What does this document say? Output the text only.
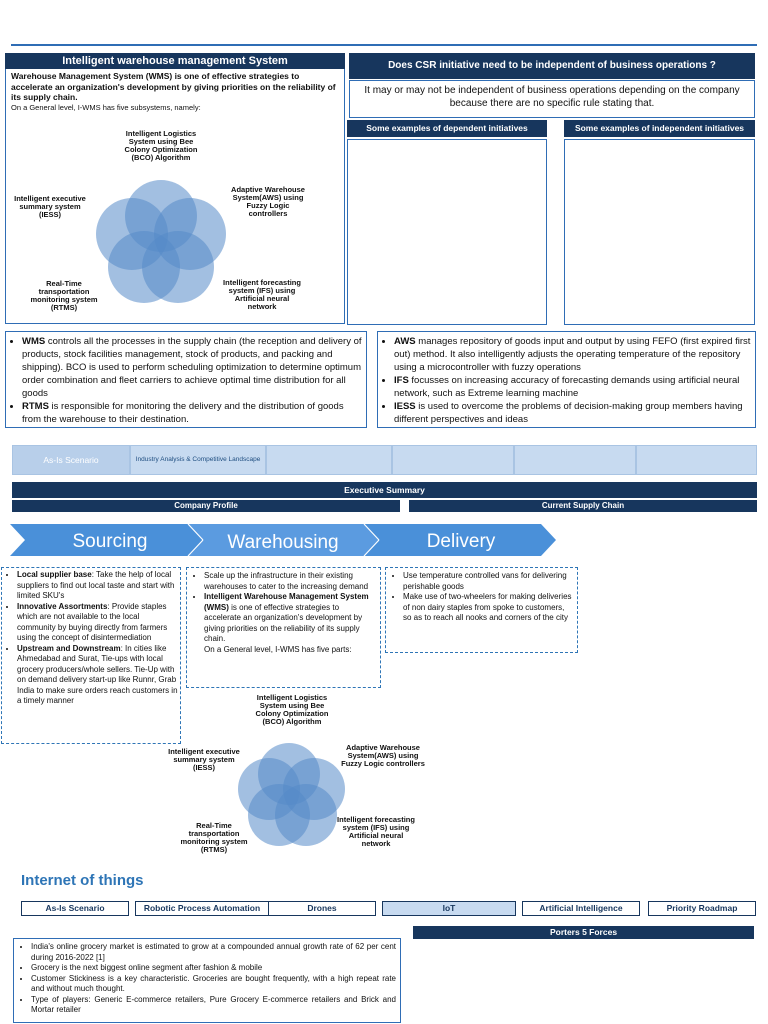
Intelligent warehouse management System
Warehouse Management System (WMS) is one of effective strategies to accelerate an organization's development by giving priorities on the reliability of its supply chain.
On a General level, I-WMS has five subsystems, namely:
Intelligent Logistics System using Bee Colony Optimization (BCO) Algorithm
Adaptive Warehouse System(AWS) using Fuzzy Logic controllers
Intelligent forecasting system (IFS) using Artificial neural network
Real-Time transportation monitoring system (RTMS)
Intelligent executive summary system (IESS)
Does CSR initiative need to be independent of business operations ?
It may or may not be independent of business operations depending on the company because there are no specific rule stating that.
Some examples of dependent initiatives	Some examples of independent initiatives
• WMS controls all the processes in the supply chain (the reception and delivery of products, stock facilities management, stock of products, and packing and shipping). BCO is used to perform scheduling optimization to determine optimum order combination and fleet carriers to achieve optimal time distribution for all goods
• RTMS is responsible for monitoring the delivery and the distribution of goods from the warehouse to their destination.
• AWS manages repository of goods input and output by using FEFO (first expired first out) method. It also intelligently adjusts the operating temperature of the repository using a microcontroller with fuzzy operations
• IFS focusses on increasing accuracy of forecasting demands using artificial neural network, such as Extreme learning machine
• IESS is used to overcome the problems of decision-making group members having different perspectives and ideas
As-Is Scenario	Industry Analysis & Competitive Landscape
Executive Summary
Company Profile	Current Supply Chain
Sourcing	Warehousing	Delivery
• Local supplier base: Take the help of local suppliers to find out local taste and start with limited SKU's
• Innovative Assortments: Provide staples which are not available to the local community by buying directly from farmers using the concept of disintermediation
• Upstream and Downstream: In cities like Ahmedabad and Surat, Tie-ups with local grocery producers/whole sellers. Tie-Up with on demand delivery start-up like Runnr, Grab India to make sure orders reach customers in a timely manner
• Scale up the infrastructure in their existing warehouses to cater to the increasing demand
• Intelligent Warehouse Management System (WMS) is one of effective strategies to accelerate an organization's development by giving priorities on the reliability of its supply chain.
On a General level, I-WMS has five parts:
• Use temperature controlled vans for delivering perishable goods
• Make use of two-wheelers for making deliveries of non dairy staples from spoke to customers, so as to reach all nooks and corners of the city
Intelligent Logistics System using Bee Colony Optimization (BCO) Algorithm
Adaptive Warehouse System(AWS) using Fuzzy Logic controllers
Intelligent forecasting system (IFS) using Artificial neural network
Real-Time transportation monitoring system (RTMS)
Intelligent executive summary system (IESS)
Internet of things
As-Is Scenario	Robotic Process Automation	Drones	IoT	Artificial Intelligence	Priority Roadmap
Porters 5 Forces
• India's online grocery market is estimated to grow at a compounded annual growth rate of 62 per cent during 2016-2022 [1]
• Grocery is the next biggest online segment after fashion & mobile
• Customer Stickiness is a key characteristic. Groceries are bought frequently, with a high repeat rate and without much thought.
• Type of players: Generic E-commerce retailers, Pure Grocery E-commerce retailers and Brick and Mortar retailer
